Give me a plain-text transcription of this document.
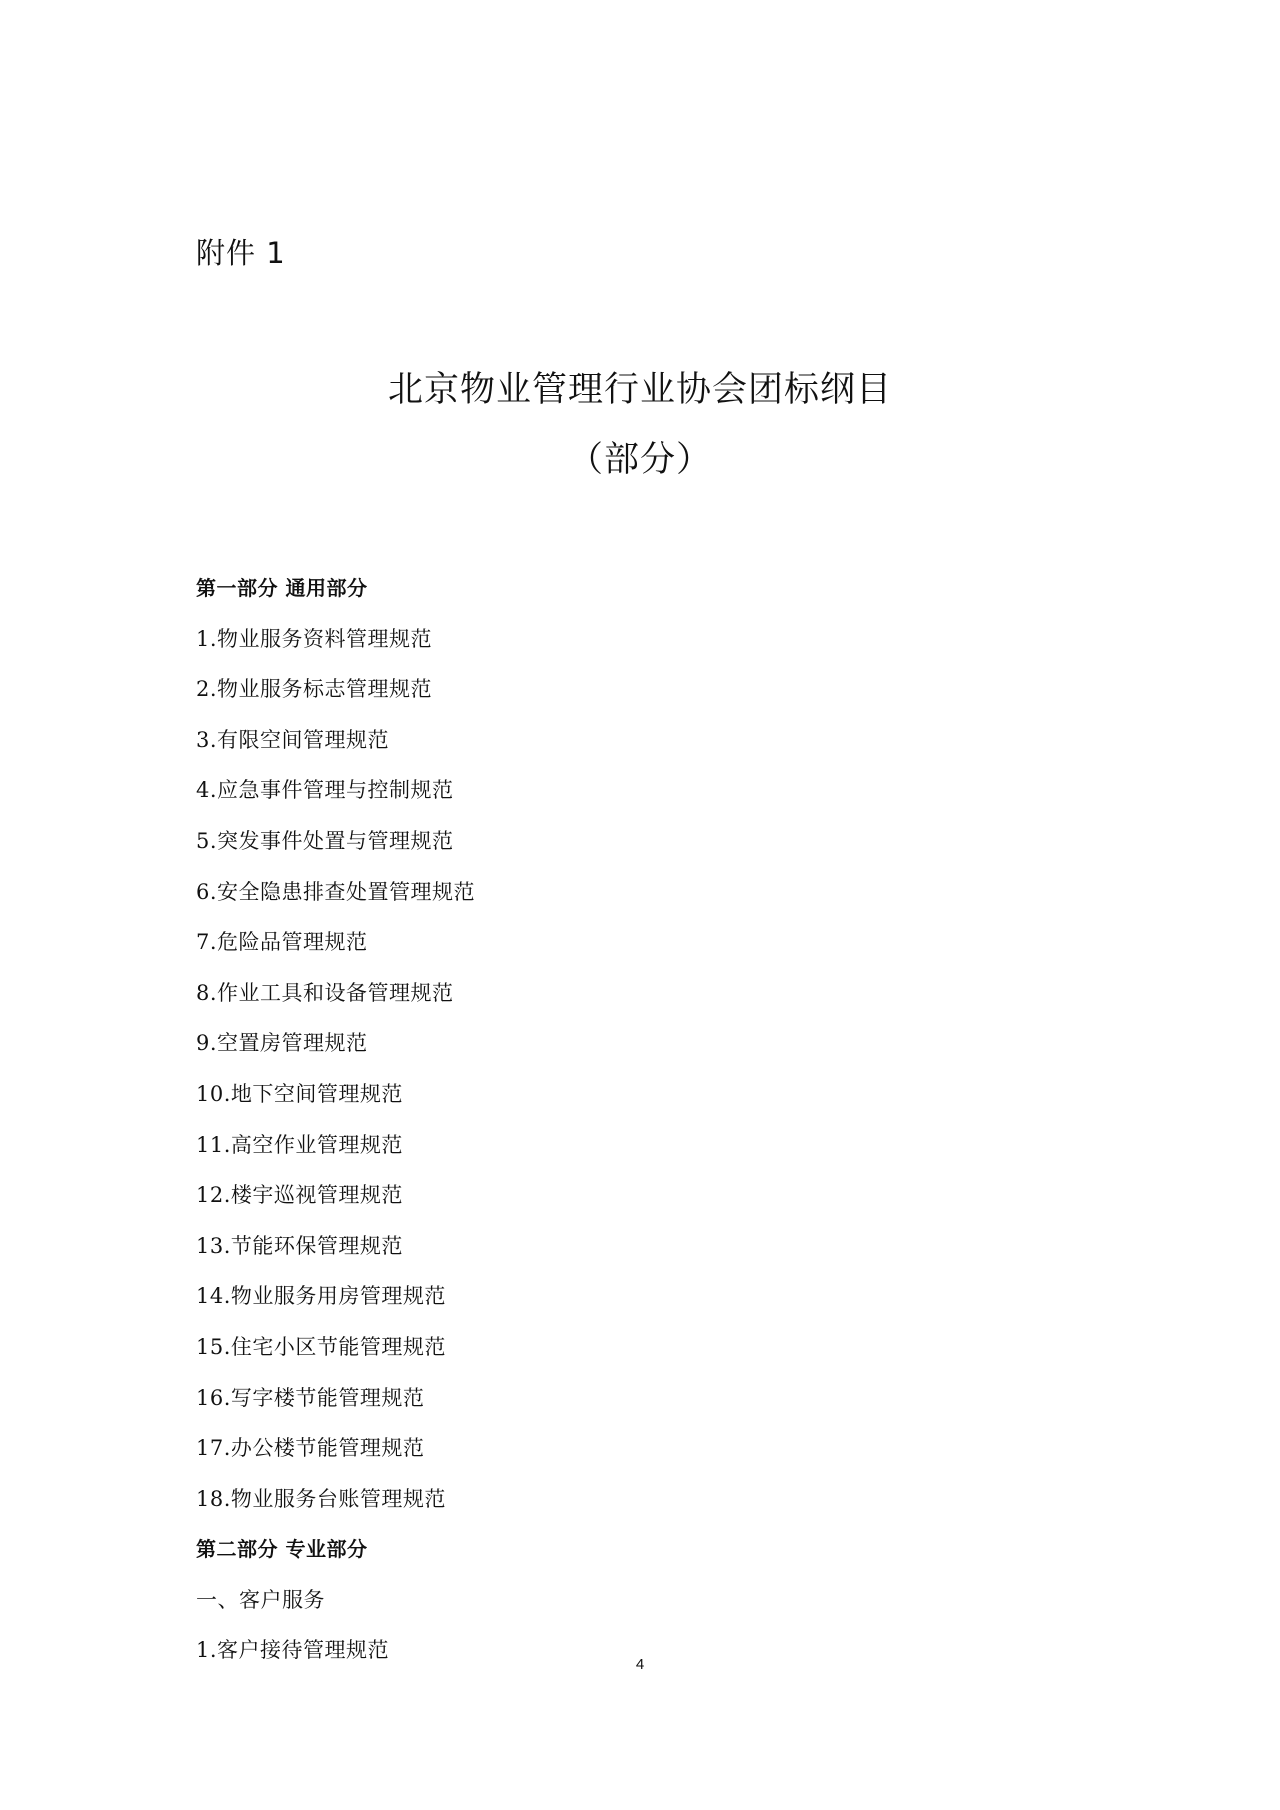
附件 1
北京物业管理行业协会团标纲目
（部分）
第一部分 通用部分
1.物业服务资料管理规范
2.物业服务标志管理规范
3.有限空间管理规范
4.应急事件管理与控制规范
5.突发事件处置与管理规范
6.安全隐患排查处置管理规范
7.危险品管理规范
8.作业工具和设备管理规范
9.空置房管理规范
10.地下空间管理规范
11.高空作业管理规范
12.楼宇巡视管理规范
13.节能环保管理规范
14.物业服务用房管理规范
15.住宅小区节能管理规范
16.写字楼节能管理规范
17.办公楼节能管理规范
18.物业服务台账管理规范
第二部分 专业部分
一、客户服务
1.客户接待管理规范
4
